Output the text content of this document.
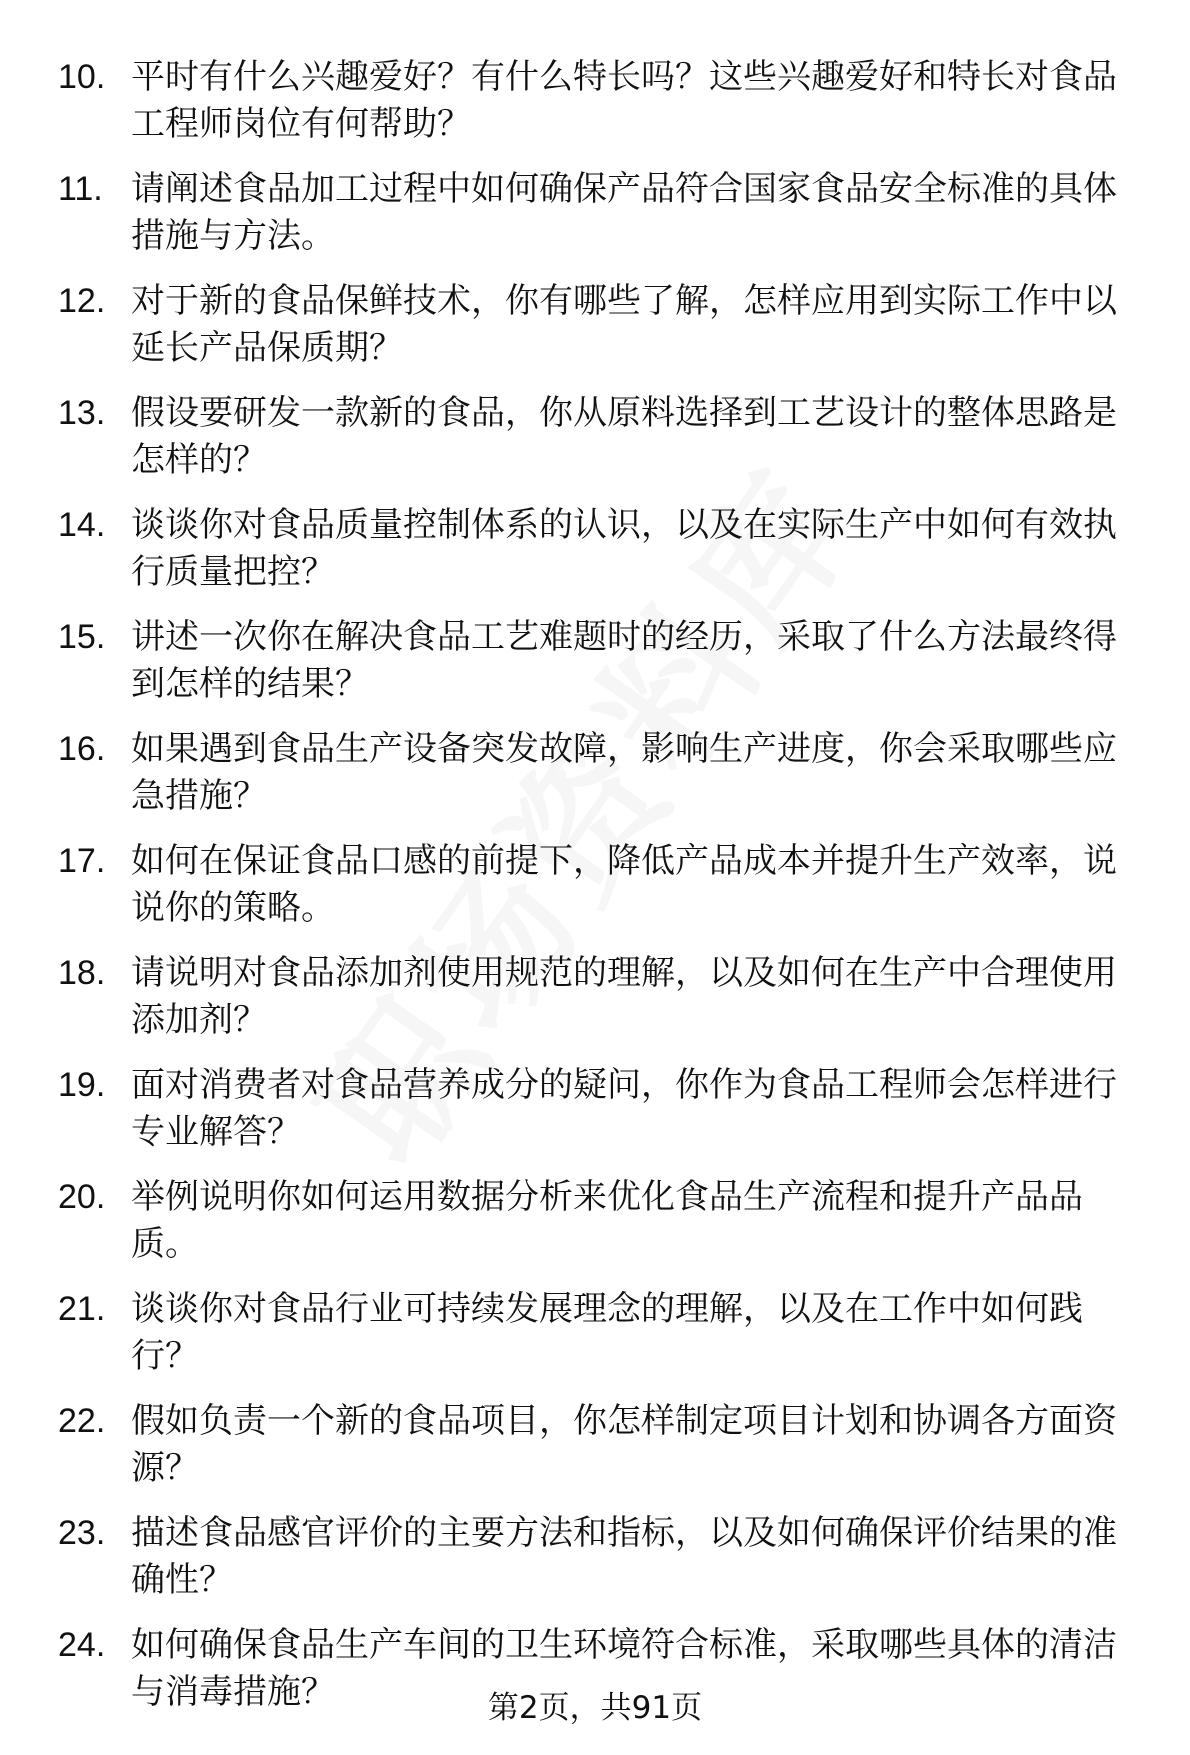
10. 平时有什么兴趣爱好？有什么特长吗？这些兴趣爱好和特长对食品工程师岗位有何帮助？
11. 请阐述食品加工过程中如何确保产品符合国家食品安全标准的具体措施与方法。
12. 对于新的食品保鲜技术，你有哪些了解，怎样应用到实际工作中以延长产品保质期？
13. 假设要研发一款新的食品，你从原料选择到工艺设计的整体思路是怎样的？
14. 谈谈你对食品质量控制体系的认识，以及在实际生产中如何有效执行质量把控？
15. 讲述一次你在解决食品工艺难题时的经历，采取了什么方法最终得到怎样的结果？
16. 如果遇到食品生产设备突发故障，影响生产进度，你会采取哪些应急措施？
17. 如何在保证食品口感的前提下，降低产品成本并提升生产效率，说说你的策略。
18. 请说明对食品添加剂使用规范的理解，以及如何在生产中合理使用添加剂？
19. 面对消费者对食品营养成分的疑问，你作为食品工程师会怎样进行专业解答？
20. 举例说明你如何运用数据分析来优化食品生产流程和提升产品品质。
21. 谈谈你对食品行业可持续发展理念的理解，以及在工作中如何践行？
22. 假如负责一个新的食品项目，你怎样制定项目计划和协调各方面资源？
23. 描述食品感官评价的主要方法和指标，以及如何确保评价结果的准确性？
24. 如何确保食品生产车间的卫生环境符合标准，采取哪些具体的清洁与消毒措施？	第2页，共91页
